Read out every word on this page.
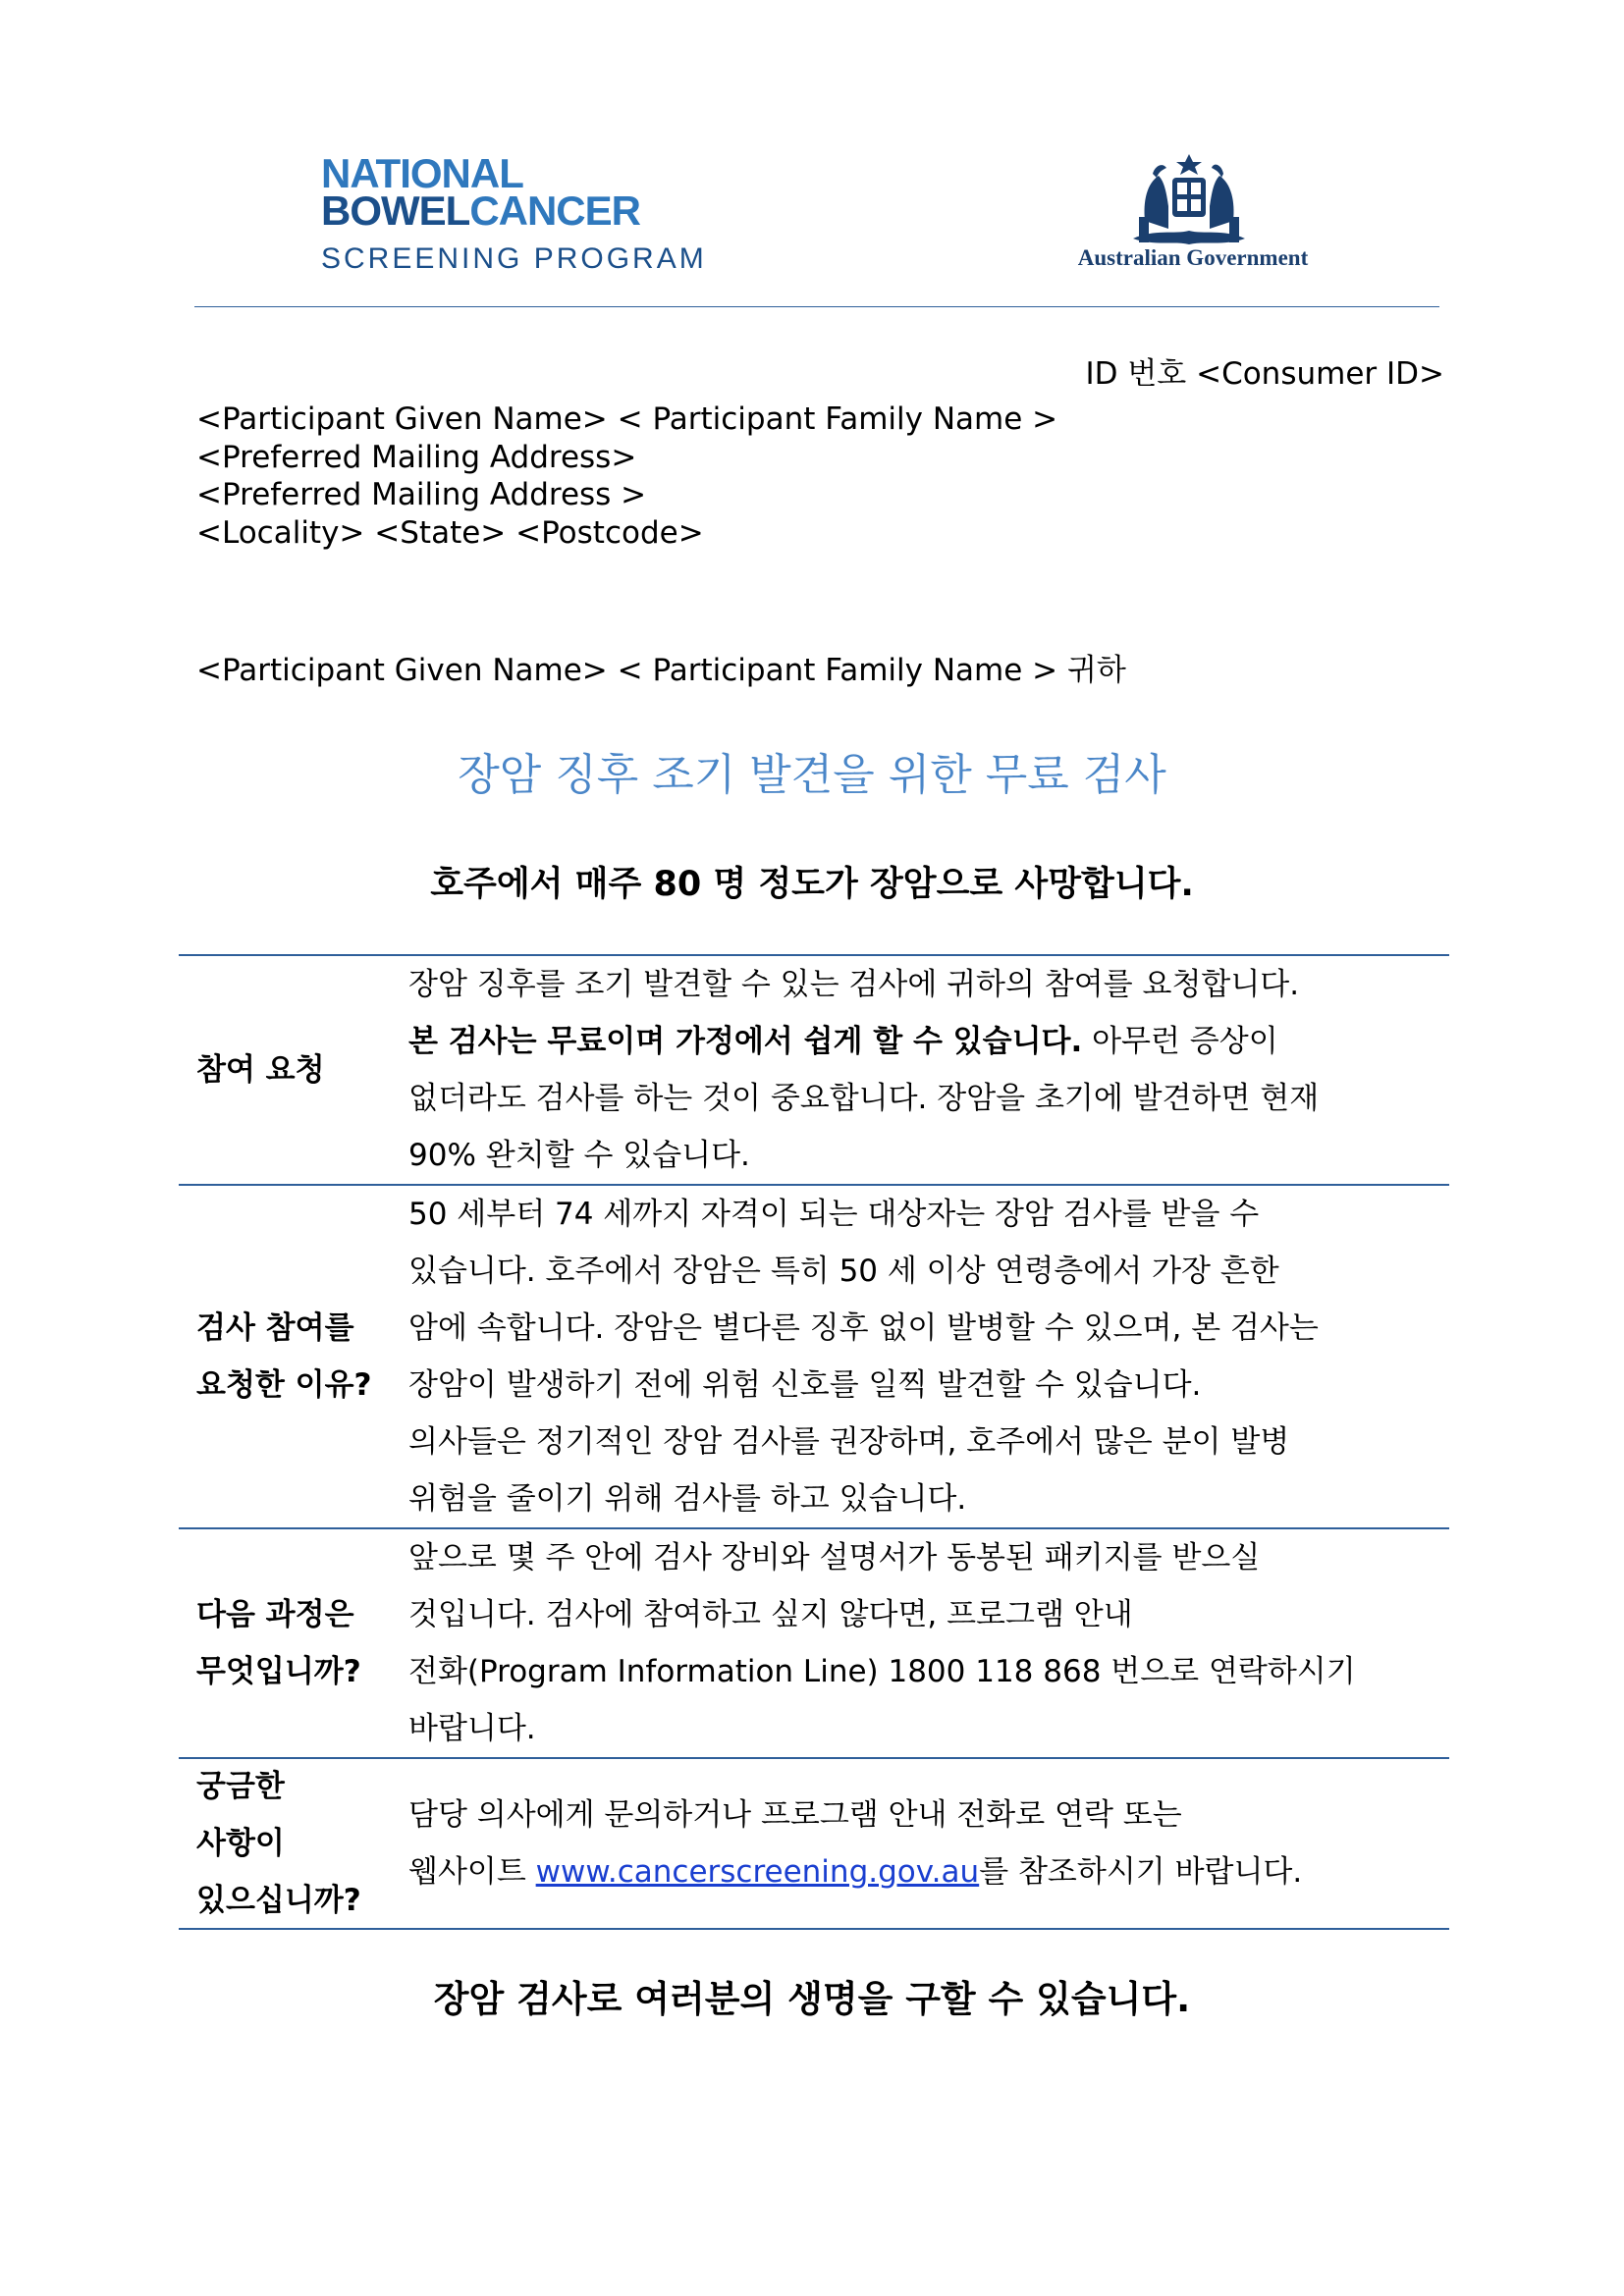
NATIONAL
BOWELCANCER
SCREENING PROGRAM	Australian Government
ID 번호 <Consumer ID>
<Participant Given Name> < Participant Family Name >
<Preferred Mailing Address>
<Preferred Mailing Address >
<Locality> <State> <Postcode>
<Participant Given Name> < Participant Family Name > 귀하
장암 징후 조기 발견을 위한 무료 검사
호주에서 매주 80 명 정도가 장암으로 사망합니다.
참여 요청

장암 징후를 조기 발견할 수 있는 검사에 귀하의 참여를 요청합니다.

본 검사는 무료이며 가정에서 쉽게 할 수 있습니다. 아무런 증상이

없더라도 검사를 하는 것이 중요합니다. 장암을 초기에 발견하면 현재

90% 완치할 수 있습니다.

검사 참여를
요청한 이유?

50 세부터 74 세까지 자격이 되는 대상자는 장암 검사를 받을 수

있습니다. 호주에서 장암은 특히 50 세 이상 연령층에서 가장 흔한

암에 속합니다. 장암은 별다른 징후 없이 발병할 수 있으며, 본 검사는

장암이 발생하기 전에 위험 신호를 일찍 발견할 수 있습니다.

의사들은 정기적인 장암 검사를 권장하며, 호주에서 많은 분이 발병

위험을 줄이기 위해 검사를 하고 있습니다.

다음 과정은
무엇입니까?

앞으로 몇 주 안에 검사 장비와 설명서가 동봉된 패키지를 받으실

것입니다. 검사에 참여하고 싶지 않다면, 프로그램 안내

전화(Program Information Line) 1800 118 868 번으로 연락하시기

바랍니다.

궁금한
사항이
있으십니까?

담당 의사에게 문의하거나 프로그램 안내 전화로 연락 또는

웹사이트 www.cancerscreening.gov.au를 참조하시기 바랍니다.

장암 검사로 여러분의 생명을 구할 수 있습니다.
